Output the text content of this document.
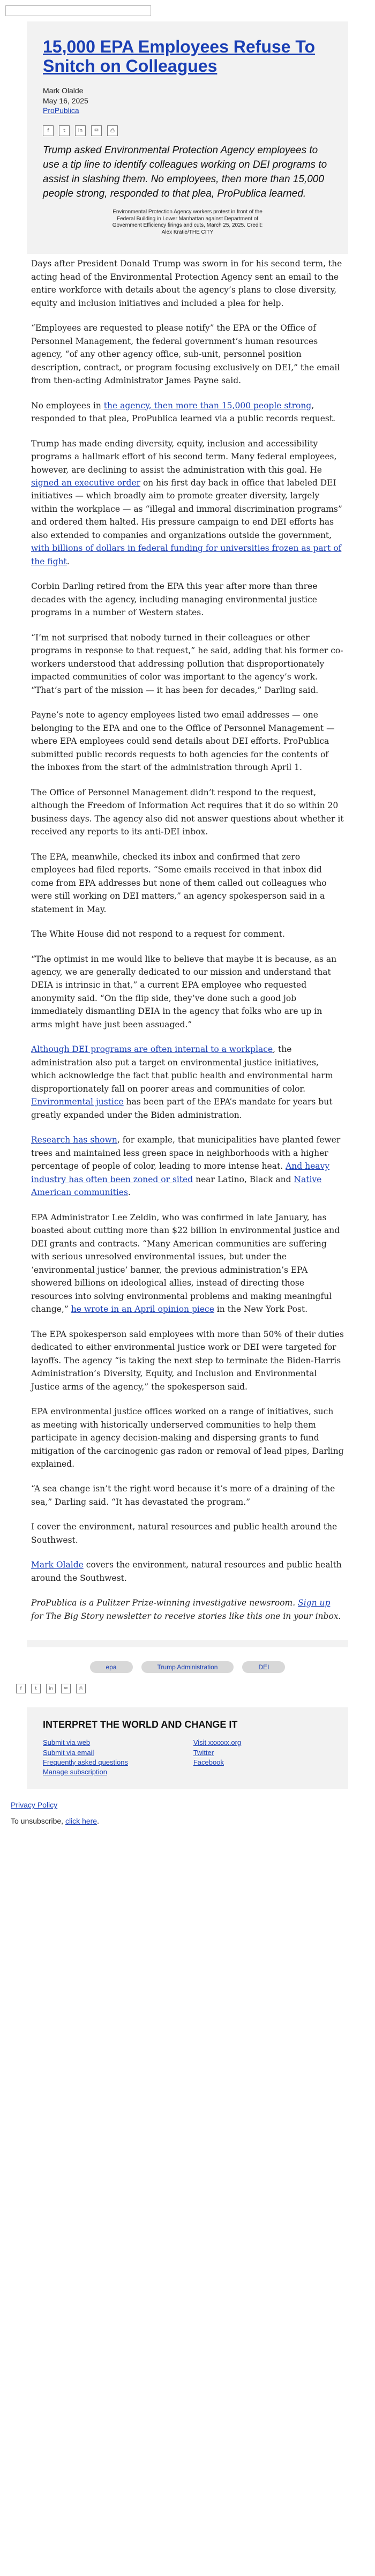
15,000 EPA Employees Refuse To Snitch on Colleagues
Mark Olalde
May 16, 2025
ProPublica
f	t	in	✉	⎙
Trump asked Environmental Protection Agency employees to use a tip line to identify colleagues working on DEI programs to assist in slashing them. No employees, then more than 15,000 people strong, responded to that plea, ProPublica learned.
Environmental Protection Agency workers protest in front of the Federal Building in Lower Manhattan against Department of Government Efficiency firings and cuts, March 25, 2025. Credit: Alex Kratie/THE CITY

Days after President Donald Trump was sworn in for his second term, the acting head of the Environmental Protection Agency sent an email to the entire workforce with details about the agency’s plans to close diversity, equity and inclusion initiatives and included a plea for help.

“Employees are requested to please notify” the EPA or the Office of Personnel Management, the federal government’s human resources agency, “of any other agency office, sub-unit, personnel position description, contract, or program focusing exclusively on DEI,” the email from then-acting Administrator James Payne said.

No employees in the agency, then more than 15,000 people strong, responded to that plea, ProPublica learned via a public records request.

Trump has made ending diversity, equity, inclusion and accessibility programs a hallmark effort of his second term. Many federal employees, however, are declining to assist the administration with this goal. He signed an executive order on his first day back in office that labeled DEI initiatives — which broadly aim to promote greater diversity, largely within the workplace — as “illegal and immoral discrimination programs” and ordered them halted. His pressure campaign to end DEI efforts has also extended to companies and organizations outside the government, with billions of dollars in federal funding for universities frozen as part of the fight.

Corbin Darling retired from the EPA this year after more than three decades with the agency, including managing environmental justice programs in a number of Western states.

“I’m not surprised that nobody turned in their colleagues or other programs in response to that request,” he said, adding that his former co-workers understood that addressing pollution that disproportionately impacted communities of color was important to the agency’s work. “That’s part of the mission — it has been for decades,” Darling said.

Payne’s note to agency employees listed two email addresses — one belonging to the EPA and one to the Office of Personnel Management — where EPA employees could send details about DEI efforts. ProPublica submitted public records requests to both agencies for the contents of the inboxes from the start of the administration through April 1.

The Office of Personnel Management didn’t respond to the request, although the Freedom of Information Act requires that it do so within 20 business days. The agency also did not answer questions about whether it received any reports to its anti-DEI inbox.

The EPA, meanwhile, checked its inbox and confirmed that zero employees had filed reports. “Some emails received in that inbox did come from EPA addresses but none of them called out colleagues who were still working on DEI matters,” an agency spokesperson said in a statement in May.

The White House did not respond to a request for comment.

“The optimist in me would like to believe that maybe it is because, as an agency, we are generally dedicated to our mission and understand that DEIA is intrinsic in that,” a current EPA employee who requested anonymity said. “On the flip side, they’ve done such a good job immediately dismantling DEIA in the agency that folks who are up in arms might have just been assuaged.”

Although DEI programs are often internal to a workplace, the administration also put a target on environmental justice initiatives, which acknowledge the fact that public health and environmental harm disproportionately fall on poorer areas and communities of color. Environmental justice has been part of the EPA’s mandate for years but greatly expanded under the Biden administration.

Research has shown, for example, that municipalities have planted fewer trees and maintained less green space in neighborhoods with a higher percentage of people of color, leading to more intense heat. And heavy industry has often been zoned or sited near Latino, Black and Native American communities.

EPA Administrator Lee Zeldin, who was confirmed in late January, has boasted about cutting more than $22 billion in environmental justice and DEI grants and contracts. “Many American communities are suffering with serious unresolved environmental issues, but under the ‘environmental justice’ banner, the previous administration’s EPA showered billions on ideological allies, instead of directing those resources into solving environmental problems and making meaningful change,” he wrote in an April opinion piece in the New York Post.

The EPA spokesperson said employees with more than 50% of their duties dedicated to either environmental justice work or DEI were targeted for layoffs. The agency “is taking the next step to terminate the Biden-Harris Administration’s Diversity, Equity, and Inclusion and Environmental Justice arms of the agency,” the spokesperson said.

EPA environmental justice offices worked on a range of initiatives, such as meeting with historically underserved communities to help them participate in agency decision-making and dispersing grants to fund mitigation of the carcinogenic gas radon or removal of lead pipes, Darling explained.

“A sea change isn’t the right word because it’s more of a draining of the sea,” Darling said. “It has devastated the program.”

I cover the environment, natural resources and public health around the Southwest.

Mark Olalde covers the environment, natural resources and public health around the Southwest.

ProPublica is a Pulitzer Prize-winning investigative newsroom. Sign up for The Big Story newsletter to receive stories like this one in your inbox.

epa	Trump Administration	DEI
f	t	in	✉	⎙
INTERPRET THE WORLD AND CHANGE IT
Submit via web
Submit via email
Frequently asked questions
Manage subscription
Visit xxxxxx.org
Twitter
Facebook
Privacy Policy
To unsubscribe, click here.
